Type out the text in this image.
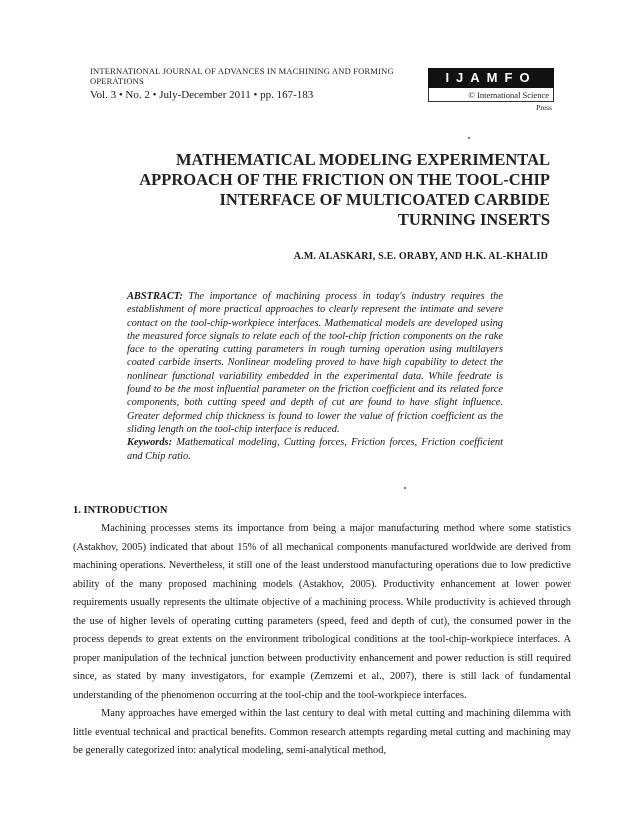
INTERNATIONAL JOURNAL OF ADVANCES IN MACHINING AND FORMING OPERATIONS
Vol. 3 • No. 2 • July-December 2011 • pp. 167-183
IJAMFO
© International Science
Press
MATHEMATICAL MODELING EXPERIMENTAL
APPROACH OF THE FRICTION ON THE TOOL-CHIP
INTERFACE OF MULTICOATED CARBIDE
TURNING INSERTS
A.M. ALASKARI, S.E. ORABY, AND H.K. AL-KHALID
ABSTRACT: The importance of machining process in today's industry requires the establishment of more practical approaches to clearly represent the intimate and severe contact on the tool-chip-workpiece interfaces. Mathematical models are developed using the measured force signals to relate each of the tool-chip friction components on the rake face to the operating cutting parameters in rough turning operation using multilayers coated carbide inserts. Nonlinear modeling proved to have high capability to detect the nonlinear functional variability embedded in the experimental data. While feedrate is found to be the most influential parameter on the friction coefficient and its related force components, both cutting speed and depth of cut are found to have slight influence. Greater deformed chip thickness is found to lower the value of friction coefficient as the sliding length on the tool-chip interface is reduced.
Keywords: Mathematical modeling, Cutting forces, Friction forces, Friction coefficient and Chip ratio.
1. INTRODUCTION

Machining processes stems its importance from being a major manufacturing method where some statistics (Astakhov, 2005) indicated that about 15% of all mechanical components manufactured worldwide are derived from machining operations. Nevertheless, it still one of the least understood manufacturing operations due to low predictive ability of the many proposed machining models (Astakhov, 2005). Productivity enhancement at lower power requirements usually represents the ultimate objective of a machining process. While productivity is achieved through the use of higher levels of operating cutting parameters (speed, feed and depth of cut), the consumed power in the process depends to great extents on the environment tribological conditions at the tool-chip-workpiece interfaces. A proper manipulation of the technical junction between productivity enhancement and power reduction is still required since, as stated by many investigators, for example (Zemzemi et al., 2007), there is still lack of fundamental understanding of the phenomenon occurring at the tool-chip and the tool-workpiece interfaces.

Many approaches have emerged within the last century to deal with metal cutting and machining dilemma with little eventual technical and practical benefits. Common research attempts regarding metal cutting and machining may be generally categorized into: analytical modeling, semi-analytical method,
